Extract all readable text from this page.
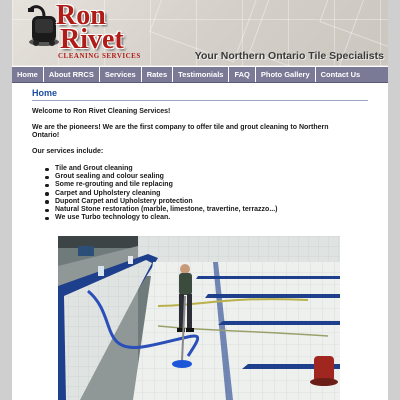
Ron
Rivet
CLEANING SERVICES	Your Northern Ontario Tile Specialists
Home	About RRCS	Services	Rates	Testimonials	FAQ	Photo Gallery	Contact Us
Home
Welcome to Ron Rivet Cleaning Services!
We are the pioneers! We are the first company to offer tile and grout cleaning to Northern Ontario!
Our services include:
Tile and Grout cleaning
Grout sealing and colour sealing
Some re-grouting and tile replacing
Carpet and Upholstery cleaning
Dupont Carpet and Upholstery protection
Natural Stone restoration (marble, limestone, travertine, terrazzo...)
We use Turbo technology to clean.
